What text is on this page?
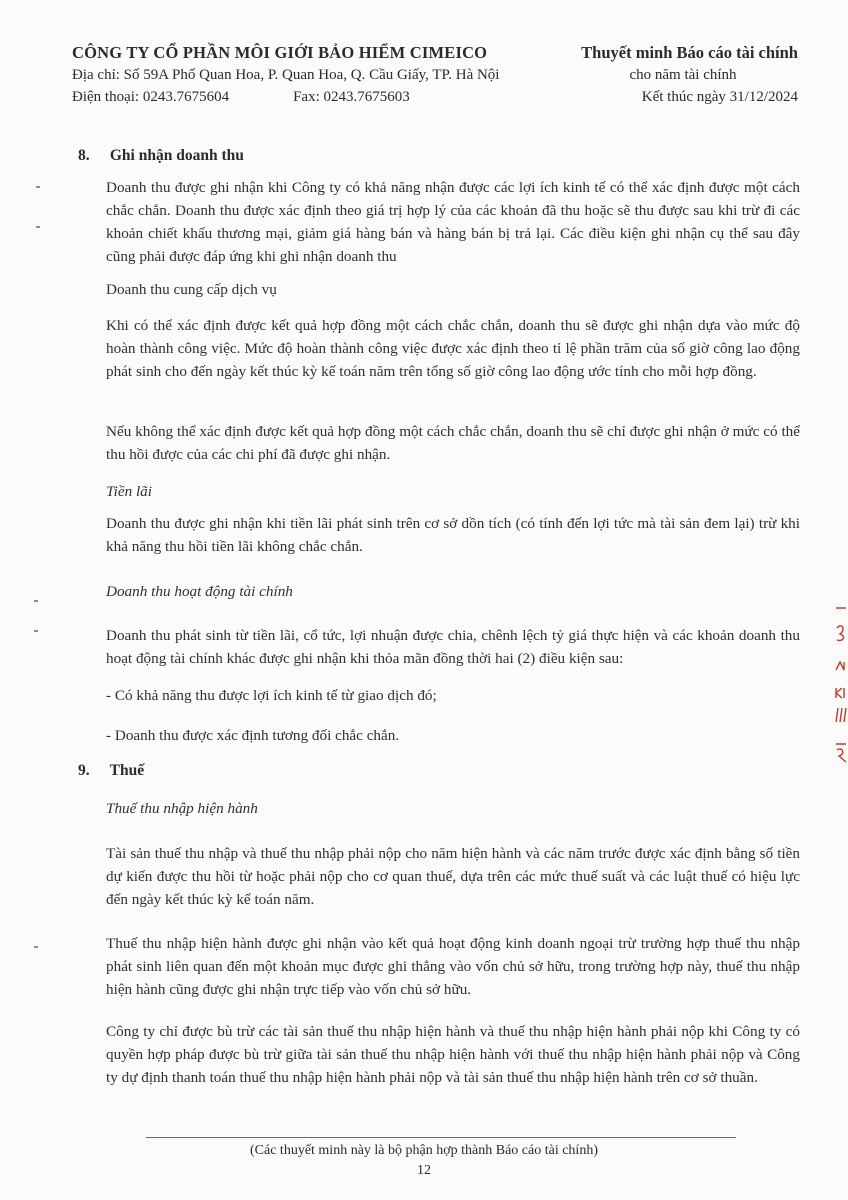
CÔNG TY CỔ PHẦN MÔI GIỚI BẢO HIỂM CIMEICO
Địa chỉ: Số 59A Phố Quan Hoa, P. Quan Hoa, Q. Cầu Giấy, TP. Hà Nội
Điện thoại: 0243.7675604	Fax: 0243.7675603
Thuyết minh Báo cáo tài chính
cho năm tài chính
Kết thúc ngày 31/12/2024
8. Ghi nhận doanh thu
Doanh thu được ghi nhận khi Công ty có khả năng nhận được các lợi ích kinh tế có thể xác định được một cách chắc chắn. Doanh thu được xác định theo giá trị hợp lý của các khoản đã thu hoặc sẽ thu được sau khi trừ đi các khoản chiết khấu thương mại, giảm giá hàng bán và hàng bán bị trả lại. Các điều kiện ghi nhận cụ thể sau đây cũng phải được đáp ứng khi ghi nhận doanh thu
Doanh thu cung cấp dịch vụ
Khi có thể xác định được kết quả hợp đồng một cách chắc chắn, doanh thu sẽ được ghi nhận dựa vào mức độ hoàn thành công việc. Mức độ hoàn thành công việc được xác định theo tỉ lệ phần trăm của số giờ công lao động phát sinh cho đến ngày kết thúc kỳ kế toán năm trên tổng số giờ công lao động ước tính cho mỗi hợp đồng.
Nếu không thể xác định được kết quả hợp đồng một cách chắc chắn, doanh thu sẽ chỉ được ghi nhận ở mức có thể thu hồi được của các chi phí đã được ghi nhận.
Tiền lãi
Doanh thu được ghi nhận khi tiền lãi phát sinh trên cơ sở dồn tích (có tính đến lợi tức mà tài sản đem lại) trừ khi khả năng thu hồi tiền lãi không chắc chắn.
Doanh thu hoạt động tài chính
Doanh thu phát sinh từ tiền lãi, cổ tức, lợi nhuận được chia, chênh lệch tỷ giá thực hiện và các khoản doanh thu hoạt động tài chính khác được ghi nhận khi thỏa mãn đồng thời hai (2) điều kiện sau:
- Có khả năng thu được lợi ích kinh tế từ giao dịch đó;
- Doanh thu được xác định tương đối chắc chắn.
9. Thuế
Thuế thu nhập hiện hành
Tài sản thuế thu nhập và thuế thu nhập phải nộp cho năm hiện hành và các năm trước được xác định bằng số tiền dự kiến được thu hồi từ hoặc phải nộp cho cơ quan thuế, dựa trên các mức thuế suất và các luật thuế có hiệu lực đến ngày kết thúc kỳ kế toán năm.
Thuế thu nhập hiện hành được ghi nhận vào kết quả hoạt động kinh doanh ngoại trừ trường hợp thuế thu nhập phát sinh liên quan đến một khoản mục được ghi thẳng vào vốn chủ sở hữu, trong trường hợp này, thuế thu nhập hiện hành cũng được ghi nhận trực tiếp vào vốn chủ sở hữu.
Công ty chỉ được bù trừ các tài sản thuế thu nhập hiện hành và thuế thu nhập hiện hành phải nộp khi Công ty có quyền hợp pháp được bù trừ giữa tài sản thuế thu nhập hiện hành với thuế thu nhập hiện hành phải nộp và Công ty dự định thanh toán thuế thu nhập hiện hành phải nộp và tài sản thuế thu nhập hiện hành trên cơ sở thuần.
(Các thuyết minh này là bộ phận hợp thành Báo cáo tài chính)
12
